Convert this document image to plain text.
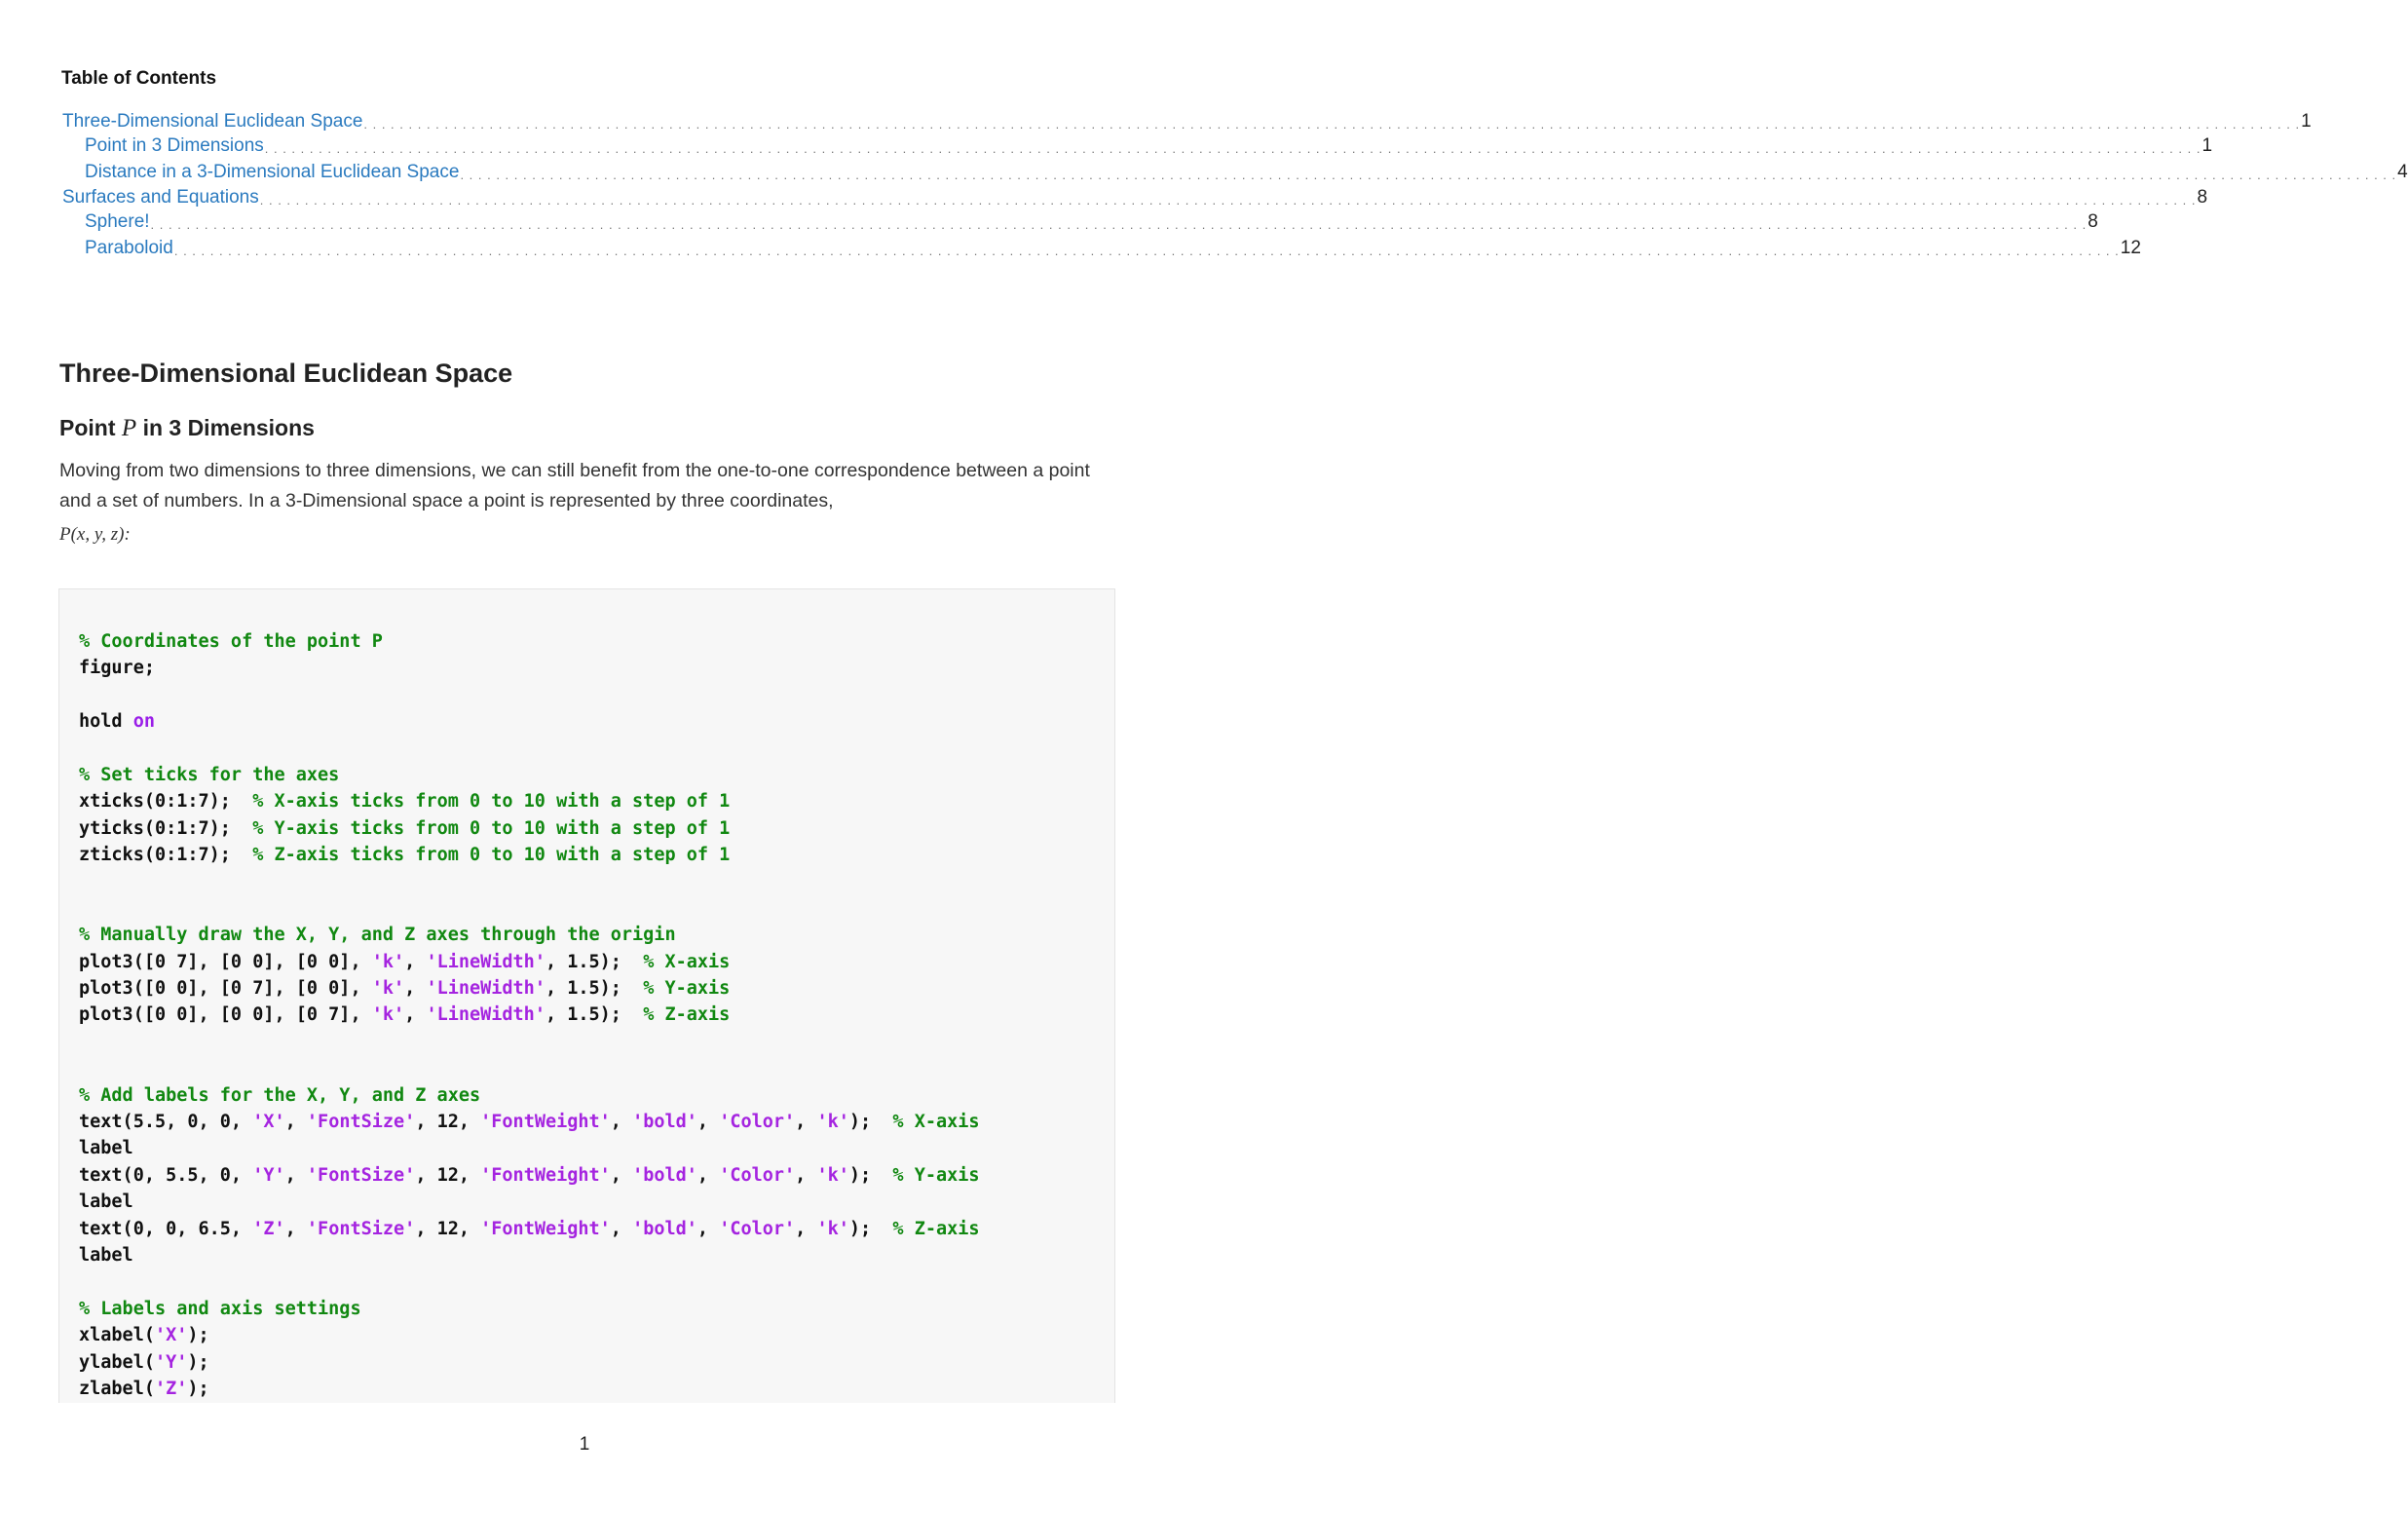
Table of Contents
Three-Dimensional Euclidean Space . . . . . . . . . . . . . . . . . . . . . . . . . . . . . . . . . . . . . . . . . . . . . . . . . . . . . . . . . . . . . . . . . . . . . . . . . . . . . . . . . . . . . . . . . . . . . . . . . . . . . . . . . . . . . . . . . . . . . . . . . . . . . . . . . . . . . . . . . . . . . . . . . . . . . . . . . . . . . . . . . . . . . . . . . . . . . . . . . . . . . . . . . . . . . . . . . . . . . . . . . . . . . . . . . . . . . . . . 1
Point in 3 Dimensions . . . . . . . . . . . . . . . . . . . . . . . . . . . . . . . . . . . . . . . . . . . . . . . . . . . . . . . . . . . . . . . . . . . . . . . . . . . . . . . . . . . . . . . . . . . . . . . . . . . . . . . . . . . . . . . . . . . . . . . . . . . . . . . . . . . . . . . . . . . . . . . . . . . . . . . . . . . . . . . . . . . . . . . . . . . . . . . . . . . . . . . . . . . . . . . . . . . . . . . . . . . . . . . . . . . . . . . . 1
Distance in a 3-Dimensional Euclidean Space . . . . . . . . . . . . . . . . . . . . . . . . . . . . . . . . . . . . . . . . . . . . . . . . . . . . . . . . . . . . . . . . . . . . . . . . . . . . . . . . . . . . . . . . . . . . . . . . . . . . . . . . . . . . . . . . . . . . . . . . . . . . . . . . . . . . . . . . . . . . . . . . . . . . . . . . . . . . . . . . . . . . . . . . . . . . . . . . . . . . . . . . . . . . . . . . . . . . . . . . . . . . . . . . . . . . . . . . 4
Surfaces and Equations . . . . . . . . . . . . . . . . . . . . . . . . . . . . . . . . . . . . . . . . . . . . . . . . . . . . . . . . . . . . . . . . . . . . . . . . . . . . . . . . . . . . . . . . . . . . . . . . . . . . . . . . . . . . . . . . . . . . . . . . . . . . . . . . . . . . . . . . . . . . . . . . . . . . . . . . . . . . . . . . . . . . . . . . . . . . . . . . . . . . . . . . . . . . . . . . . . . . . . . . . . . . . . . . . . . . . . . . 8
Sphere! . . . . . . . . . . . . . . . . . . . . . . . . . . . . . . . . . . . . . . . . . . . . . . . . . . . . . . . . . . . . . . . . . . . . . . . . . . . . . . . . . . . . . . . . . . . . . . . . . . . . . . . . . . . . . . . . . . . . . . . . . . . . . . . . . . . . . . . . . . . . . . . . . . . . . . . . . . . . . . . . . . . . . . . . . . . . . . . . . . . . . . . . . . . . . . . . . . . . . . . . . . . . . . . . . . . . . . . . 8
Paraboloid . . . . . . . . . . . . . . . . . . . . . . . . . . . . . . . . . . . . . . . . . . . . . . . . . . . . . . . . . . . . . . . . . . . . . . . . . . . . . . . . . . . . . . . . . . . . . . . . . . . . . . . . . . . . . . . . . . . . . . . . . . . . . . . . . . . . . . . . . . . . . . . . . . . . . . . . . . . . . . . . . . . . . . . . . . . . . . . . . . . . . . . . . . . . . . . . . . . . . . . . . . . . . . . . . . . . . . . . . 12
Three-Dimensional Euclidean Space
Point P in 3 Dimensions

Moving from two dimensions to three dimensions, we can still benefit from the one-to-one correspondence between a point and a set of numbers. In a 3-Dimensional space a point is represented by three coordinates,

P(x, y, z):
% Coordinates of the point P
figure;

hold on

% Set ticks for the axes
xticks(0:1:7);  % X-axis ticks from 0 to 10 with a step of 1
yticks(0:1:7);  % Y-axis ticks from 0 to 10 with a step of 1
zticks(0:1:7);  % Z-axis ticks from 0 to 10 with a step of 1

% Manually draw the X, Y, and Z axes through the origin
plot3([0 7], [0 0], [0 0], 'k', 'LineWidth', 1.5);  % X-axis
plot3([0 0], [0 7], [0 0], 'k', 'LineWidth', 1.5);  % Y-axis
plot3([0 0], [0 0], [0 7], 'k', 'LineWidth', 1.5);  % Z-axis

% Add labels for the X, Y, and Z axes
text(5.5, 0, 0, 'X', 'FontSize', 12, 'FontWeight', 'bold', 'Color', 'k');  % X-axis
label
text(0, 5.5, 0, 'Y', 'FontSize', 12, 'FontWeight', 'bold', 'Color', 'k');  % Y-axis
label
text(0, 0, 6.5, 'Z', 'FontSize', 12, 'FontWeight', 'bold', 'Color', 'k');  % Z-axis
label

% Labels and axis settings
xlabel('X');
ylabel('Y');
zlabel('Z');
1
